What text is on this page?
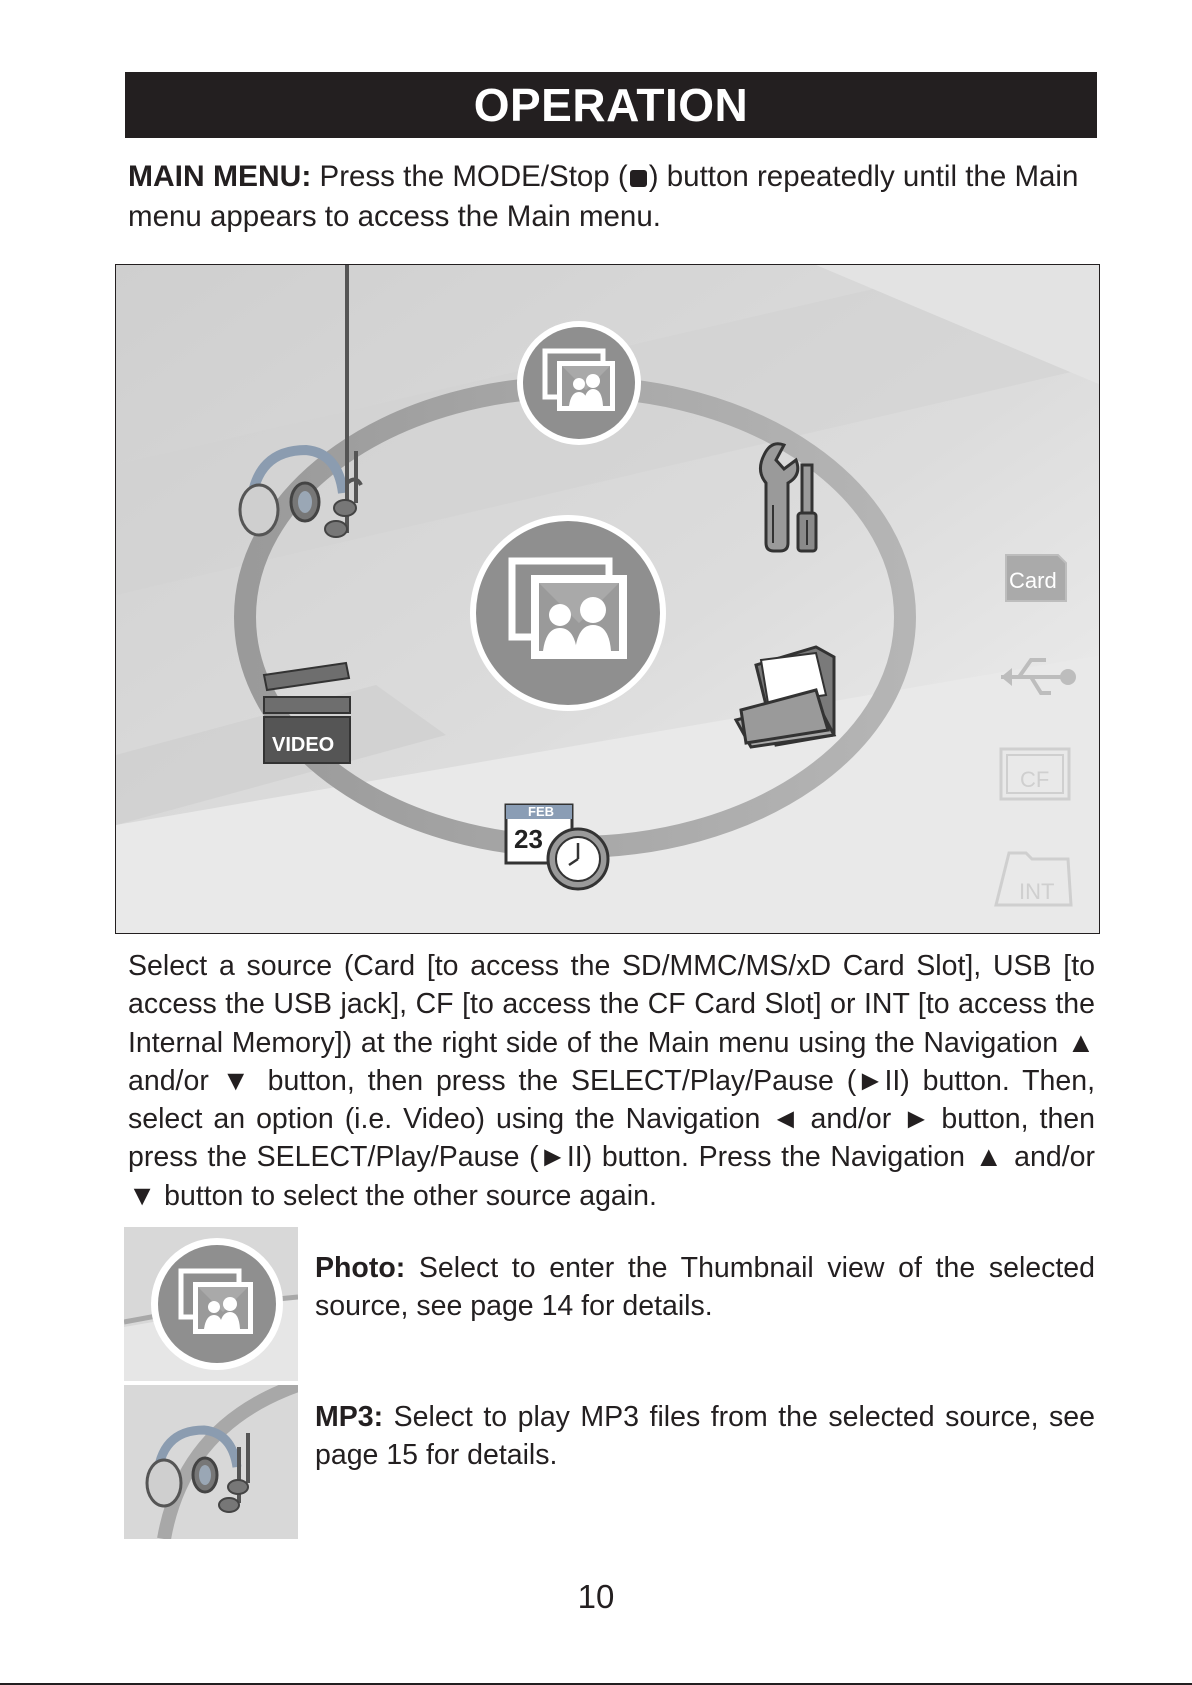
OPERATION

MAIN MENU: Press the MODE/Stop ( ) button repeatedly until the Main menu appears to access the Main menu.

FEB
23
VIDEO
Card
CF
INT

Select a source (Card [to access the SD/MMC/MS/xD Card Slot], USB [to access the USB jack], CF [to access the CF Card Slot] or INT [to access the Internal Memory]) at the right side of the Main menu using the Navigation ▲ and/or ▼ button, then press the SELECT/Play/Pause (►II) button. Then, select an option (i.e. Video) using the Navigation ◄ and/or ► button, then press the SELECT/Play/Pause (►II) button. Press the Navigation ▲ and/or ▼ button to select the other source again.

Photo: Select to enter the Thumbnail view of the selected source, see page 14 for details.

MP3: Select to play MP3 files from the selected source, see page 15 for details.

10
